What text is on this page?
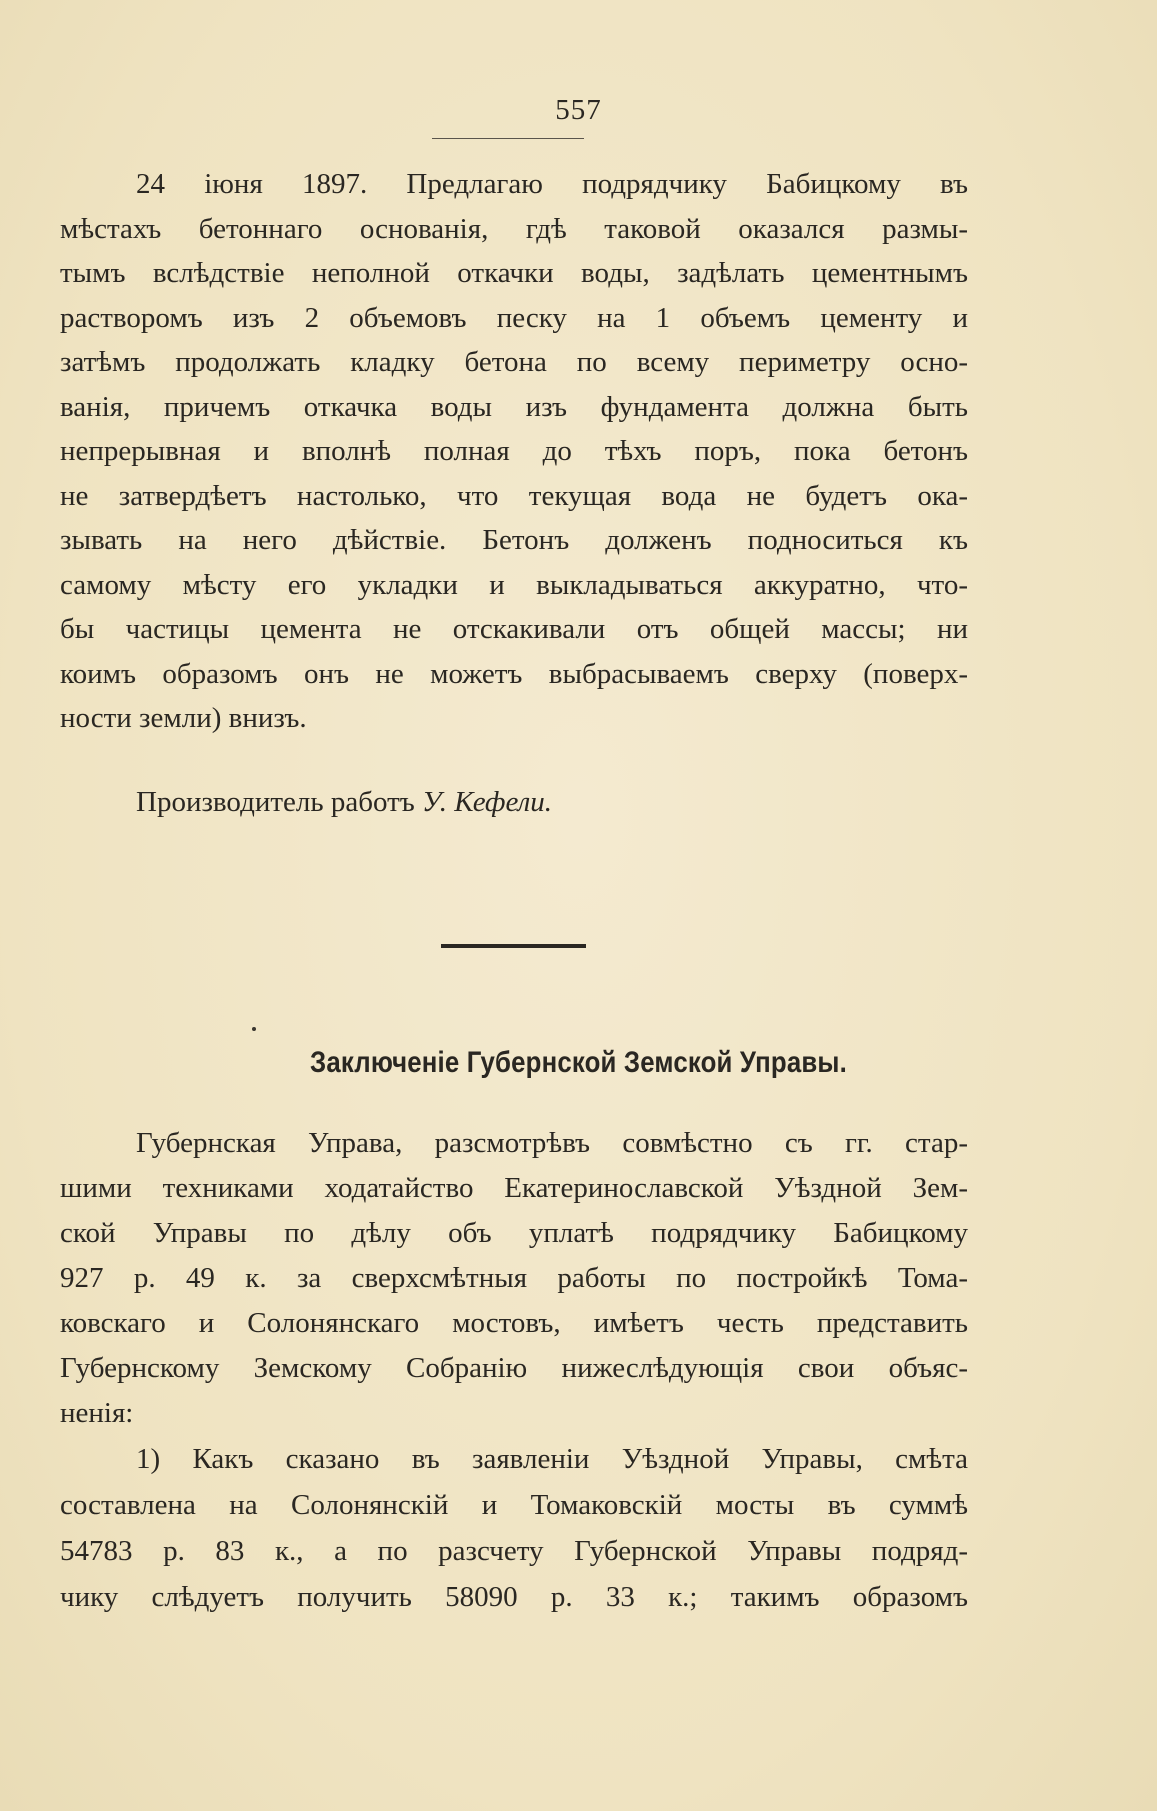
557
24 іюня 1897. Предлагаю подрядчику Бабицкому въ
мѣстахъ бетоннаго основанія, гдѣ таковой оказался размы-
тымъ вслѣдствіе неполной откачки воды, задѣлать цементнымъ
растворомъ изъ 2 объемовъ песку на 1 объемъ цементу и
затѣмъ продолжать кладку бетона по всему периметру осно-
ванія, причемъ откачка воды изъ фундамента должна быть
непрерывная и вполнѣ полная до тѣхъ поръ, пока бетонъ
не затвердѣетъ настолько, что текущая вода не будетъ ока-
зывать на него дѣйствіе. Бетонъ долженъ подноситься къ
самому мѣсту его укладки и выкладываться аккуратно, что-
бы частицы цемента не отскакивали отъ общей массы; ни
коимъ образомъ онъ не можетъ выбрасываемъ сверху (поверх-
ности земли) внизъ.
Производитель работъ У. Кефели.
Заключеніе Губернской Земской Управы.
Губернская Управа, разсмотрѣвъ совмѣстно съ гг. стар-
шими техниками ходатайство Екатеринославской Уѣздной Зем-
ской Управы по дѣлу объ уплатѣ подрядчику Бабицкому
927 р. 49 к. за сверхсмѣтныя работы по постройкѣ Тома-
ковскаго и Солонянскаго мостовъ, имѣетъ честь представить
Губернскому Земскому Собранію нижеслѣдующія свои объяс-
ненія:
1) Какъ сказано въ заявленіи Уѣздной Управы, смѣта
составлена на Солонянскій и Томаковскій мосты въ суммѣ
54783 р. 83 к., а по разсчету Губернской Управы подряд-
чику слѣдуетъ получить 58090 р. 33 к.; такимъ образомъ
